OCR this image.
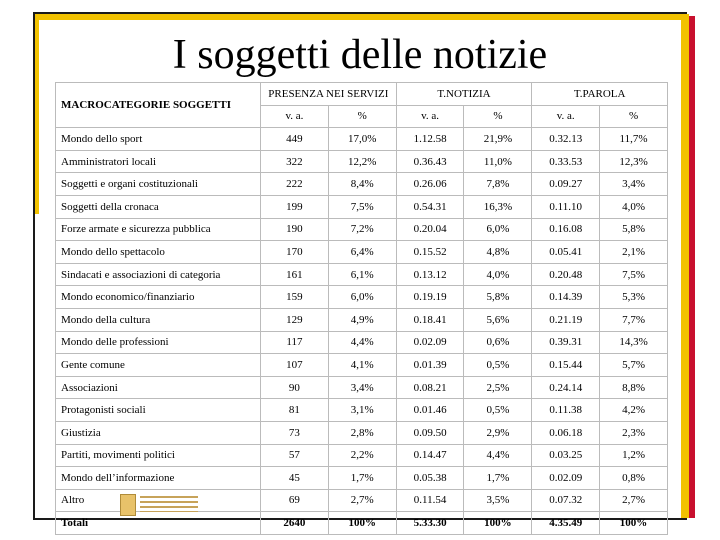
I soggetti delle notizie
MACROCATEGORIE SOGGETTI	PRESENZA NEI SERVIZI		T.NOTIZIA		T.PAROLA	
	v. a.	%	v. a.	%	v. a.	%
Mondo dello sport	449	17,0%	1.12.58	21,9%	0.32.13	11,7%
Amministratori locali	322	12,2%	0.36.43	11,0%	0.33.53	12,3%
Soggetti e organi costituzionali	222	8,4%	0.26.06	7,8%	0.09.27	3,4%
Soggetti della cronaca	199	7,5%	0.54.31	16,3%	0.11.10	4,0%
Forze armate e sicurezza pubblica	190	7,2%	0.20.04	6,0%	0.16.08	5,8%
Mondo dello spettacolo	170	6,4%	0.15.52	4,8%	0.05.41	2,1%
Sindacati e associazioni di categoria	161	6,1%	0.13.12	4,0%	0.20.48	7,5%
Mondo economico/finanziario	159	6,0%	0.19.19	5,8%	0.14.39	5,3%
Mondo della cultura	129	4,9%	0.18.41	5,6%	0.21.19	7,7%
Mondo delle professioni	117	4,4%	0.02.09	0,6%	0.39.31	14,3%
Gente comune	107	4,1%	0.01.39	0,5%	0.15.44	5,7%
Associazioni	90	3,4%	0.08.21	2,5%	0.24.14	8,8%
Protagonisti sociali	81	3,1%	0.01.46	0,5%	0.11.38	4,2%
Giustizia	73	2,8%	0.09.50	2,9%	0.06.18	2,3%
Partiti, movimenti politici	57	2,2%	0.14.47	4,4%	0.03.25	1,2%
Mondo dell’informazione	45	1,7%	0.05.38	1,7%	0.02.09	0,8%
Altro	69	2,7%	0.11.54	3,5%	0.07.32	2,7%
Totali	2640	100%	5.33.30	100%	4.35.49	100%
